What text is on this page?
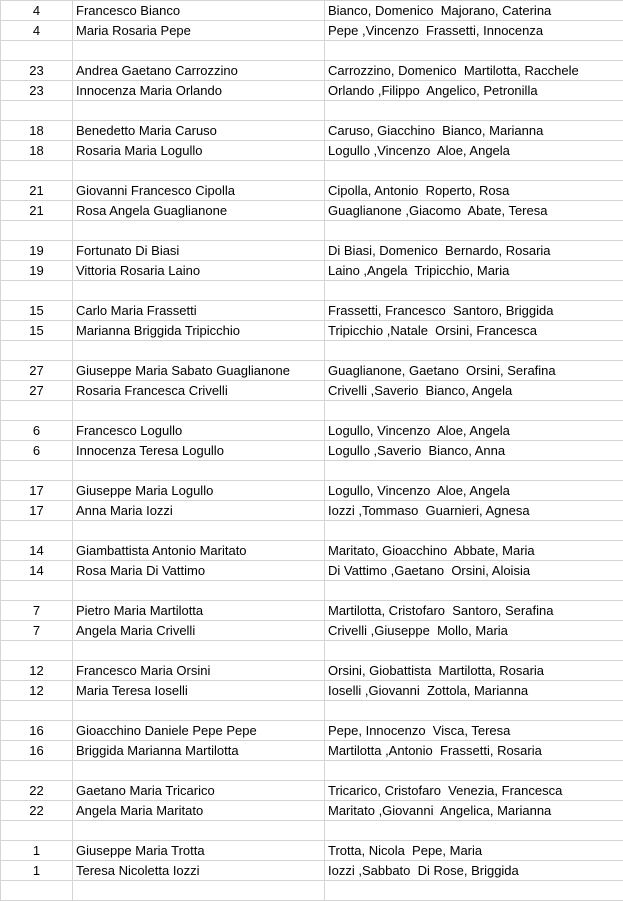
4	Francesco Bianco	Bianco, Domenico  Majorano, Caterina
4	Maria Rosaria Pepe	Pepe ,Vincenzo  Frassetti, Innocenza

23	Andrea Gaetano Carrozzino	Carrozzino, Domenico  Martilotta, Racchele
23	Innocenza Maria Orlando	Orlando ,Filippo  Angelico, Petronilla

18	Benedetto Maria Caruso	Caruso, Giacchino  Bianco, Marianna
18	Rosaria Maria Logullo	Logullo ,Vincenzo  Aloe, Angela

21	Giovanni Francesco Cipolla	Cipolla, Antonio  Roperto, Rosa
21	Rosa Angela Guaglianone	Guaglianone ,Giacomo  Abate, Teresa

19	Fortunato Di Biasi	Di Biasi, Domenico  Bernardo, Rosaria
19	Vittoria Rosaria Laino	Laino ,Angela  Tripicchio, Maria

15	Carlo Maria Frassetti	Frassetti, Francesco  Santoro, Briggida
15	Marianna Briggida Tripicchio	Tripicchio ,Natale  Orsini, Francesca

27	Giuseppe Maria Sabato Guaglianone	Guaglianone, Gaetano  Orsini, Serafina
27	Rosaria Francesca Crivelli	Crivelli ,Saverio  Bianco, Angela

6	Francesco Logullo	Logullo, Vincenzo  Aloe, Angela
6	Innocenza Teresa Logullo	Logullo ,Saverio  Bianco, Anna

17	Giuseppe Maria Logullo	Logullo, Vincenzo  Aloe, Angela
17	Anna Maria Iozzi	Iozzi ,Tommaso  Guarnieri, Agnesa

14	Giambattista Antonio Maritato	Maritato, Gioacchino  Abbate, Maria
14	Rosa Maria Di Vattimo	Di Vattimo ,Gaetano  Orsini, Aloisia

7	Pietro Maria Martilotta	Martilotta, Cristofaro  Santoro, Serafina
7	Angela Maria Crivelli	Crivelli ,Giuseppe  Mollo, Maria

12	Francesco Maria Orsini	Orsini, Giobattista  Martilotta, Rosaria
12	Maria Teresa Ioselli	Ioselli ,Giovanni  Zottola, Marianna

16	Gioacchino Daniele Pepe Pepe	Pepe, Innocenzo  Visca, Teresa
16	Briggida Marianna Martilotta	Martilotta ,Antonio  Frassetti, Rosaria

22	Gaetano Maria Tricarico	Tricarico, Cristofaro  Venezia, Francesca
22	Angela Maria Maritato	Maritato ,Giovanni  Angelica, Marianna

1	Giuseppe Maria Trotta	Trotta, Nicola  Pepe, Maria
1	Teresa Nicoletta Iozzi	Iozzi ,Sabbato  Di Rose, Briggida
